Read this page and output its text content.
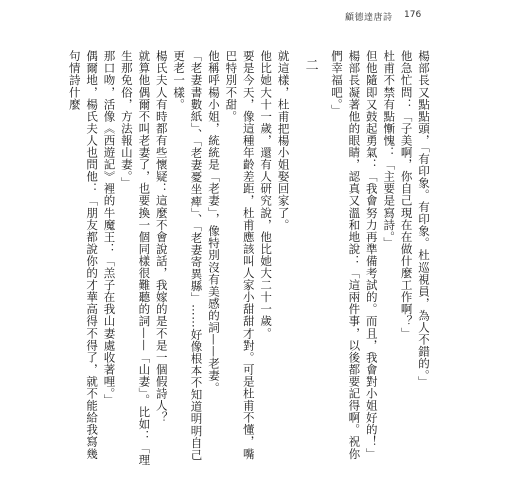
顧德達唐詩 176

楊部長又點點頭，「有印象。有印象。杜巡視員，為人不錯的。」

他急忙問：「子美啊，你自己現在在做什麼工作啊？」

杜甫不禁有點慚愧：「主要是寫詩。」

但他隨即又鼓起勇氣：「我會努力再準備考試的。而且，我會對小姐好的！」

楊部長凝著他的眼睛，認真又溫和地說：「這兩件事，以後都要記得啊。祝你們幸福吧。」

二

就這樣，杜甫把楊小姐娶回家了。

他比她大十一歲，還有人研究說，他比她大二十一歲。

要是今天，像這種年齡差距，杜甫應該叫人家小甜甜才對。可是杜甫不懂，嘴巴特別不甜。

他稱呼楊小姐，統統是「老妻」，像特別沒有美感的詞——老妻。

「老妻書數紙」、「老妻憂坐痺」、「老妻寄異縣」……好像根本不知道明明自己更老一樣。

楊氏夫人有時都有些懷疑：這麼不會說話，我嫁的是不是一個假詩人？

就算他偶爾不叫老妻了，也要換一個同樣很難聽的詞——「山妻」。比如：「理生那免俗，方法報山妻。」

那口吻，活像《西遊記》裡的牛魔王：「羔子在我山妻處收著哩。」

偶爾地，楊氏夫人也問他：「朋友都說你的才華高得不得了，就不能給我寫幾句情詩什麼
